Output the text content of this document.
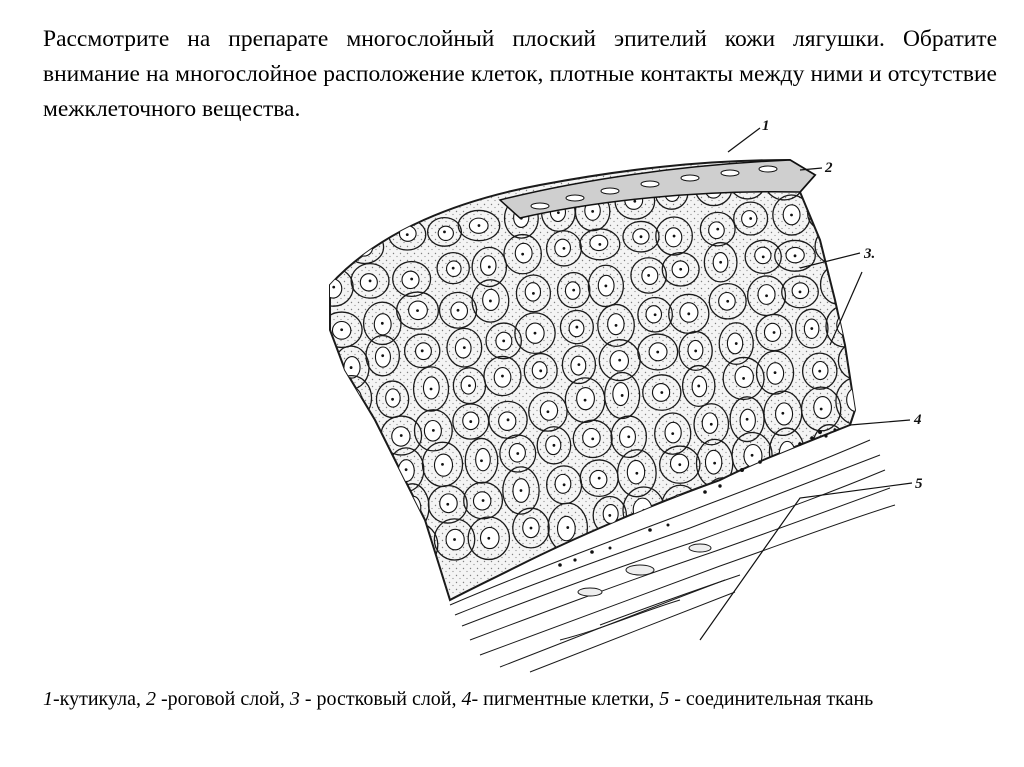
Рассмотрите на препарате многослойный плоский эпителий кожи лягушки. Обратите внимание на многослойное расположение клеток, плотные контакты между ними и отсутствие межклеточного вещества.

1
2
3.
4
5

1-кутикула, 2 -роговой слой, 3 - ростковый слой, 4- пигментные клетки, 5 - соединительная ткань
